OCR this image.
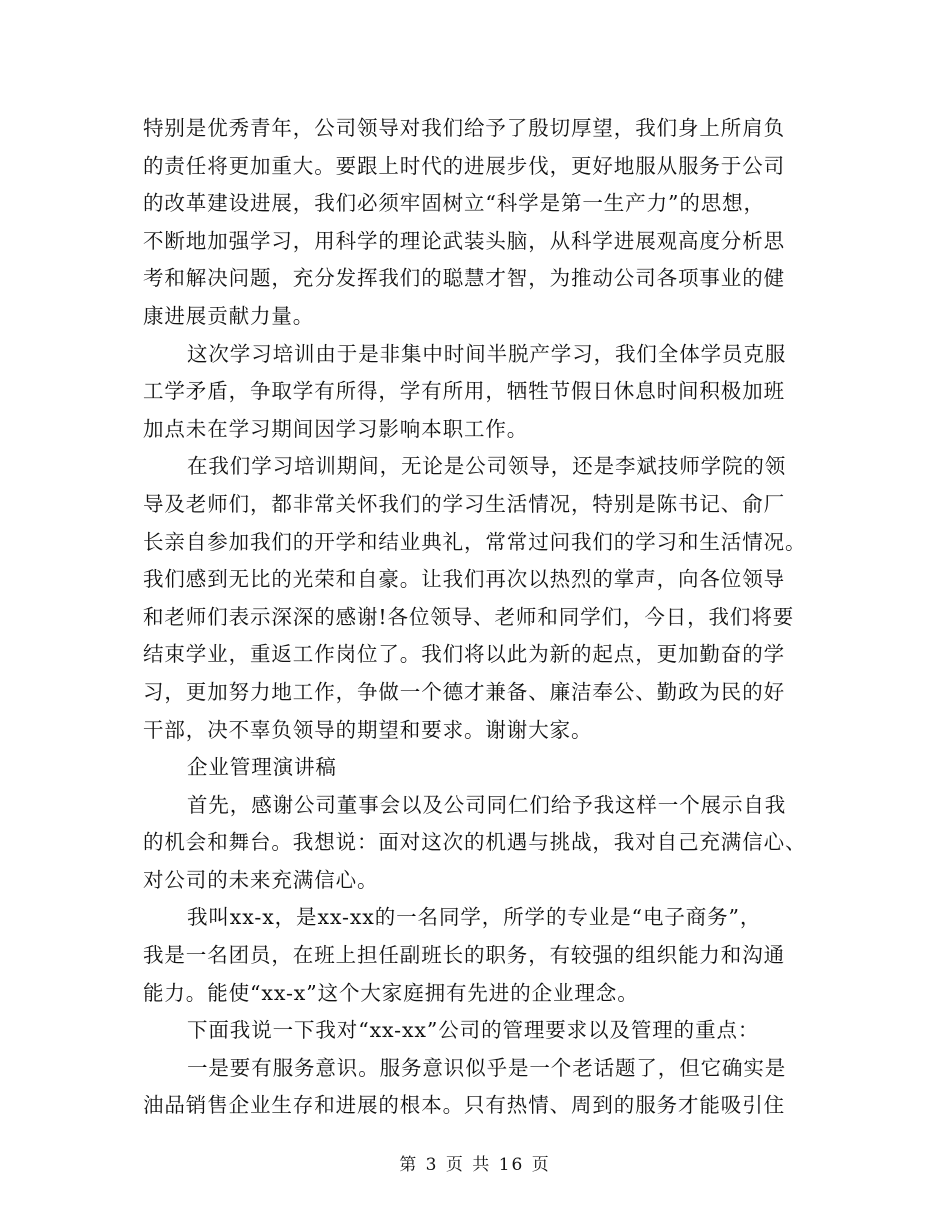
特别是优秀青年，公司领导对我们给予了殷切厚望，我们身上所肩负
的责任将更加重大。要跟上时代的进展步伐，更好地服从服务于公司
的改革建设进展，我们必须牢固树立“科学是第一生产力”的思想，
不断地加强学习，用科学的理论武装头脑，从科学进展观高度分析思
考和解决问题，充分发挥我们的聪慧才智，为推动公司各项事业的健
康进展贡献力量。
这次学习培训由于是非集中时间半脱产学习，我们全体学员克服
工学矛盾，争取学有所得，学有所用，牺牲节假日休息时间积极加班
加点未在学习期间因学习影响本职工作。
在我们学习培训期间，无论是公司领导，还是李斌技师学院的领
导及老师们，都非常关怀我们的学习生活情况，特别是陈书记、俞厂
长亲自参加我们的开学和结业典礼，常常过问我们的学习和生活情况。
我们感到无比的光荣和自豪。让我们再次以热烈的掌声，向各位领导
和老师们表示深深的感谢!各位领导、老师和同学们，今日，我们将要
结束学业，重返工作岗位了。我们将以此为新的起点，更加勤奋的学
习，更加努力地工作，争做一个德才兼备、廉洁奉公、勤政为民的好
干部，决不辜负领导的期望和要求。谢谢大家。
企业管理演讲稿
首先，感谢公司董事会以及公司同仁们给予我这样一个展示自我
的机会和舞台。我想说：面对这次的机遇与挑战，我对自己充满信心、
对公司的未来充满信心。
我叫xx-x，是xx-xx的一名同学，所学的专业是“电子商务”，
我是一名团员，在班上担任副班长的职务，有较强的组织能力和沟通
能力。能使“xx-x”这个大家庭拥有先进的企业理念。
下面我说一下我对“xx-xx”公司的管理要求以及管理的重点：
一是要有服务意识。服务意识似乎是一个老话题了，但它确实是
油品销售企业生存和进展的根本。只有热情、周到的服务才能吸引住
第 3 页 共 16 页
